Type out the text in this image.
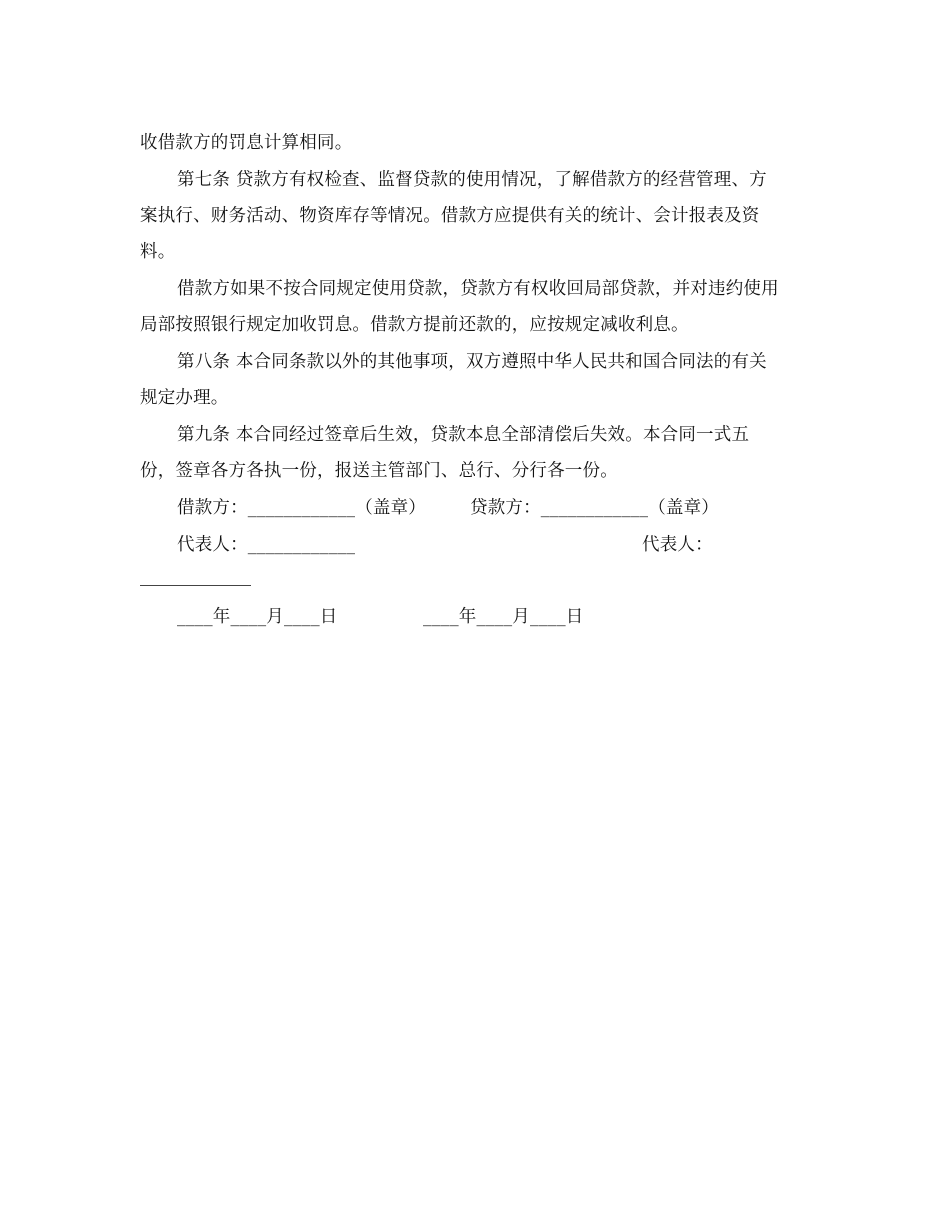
收借款方的罚息计算相同。
第七条 贷款方有权检查、监督贷款的使用情况，了解借款方的经营管理、方
案执行、财务活动、物资库存等情况。借款方应提供有关的统计、会计报表及资
料。
借款方如果不按合同规定使用贷款，贷款方有权收回局部贷款，并对违约使用
局部按照银行规定加收罚息。借款方提前还款的，应按规定减收利息。
第八条 本合同条款以外的其他事项，双方遵照中华人民共和国合同法的有关
规定办理。
第九条 本合同经过签章后生效，贷款本息全部清偿后失效。本合同一式五
份，签章各方各执一份，报送主管部门、总行、分行各一份。
借款方：____________（盖章）	贷款方：____________（盖章）
代表人：____________	代表人：
____年____月____日	____年____月____日
